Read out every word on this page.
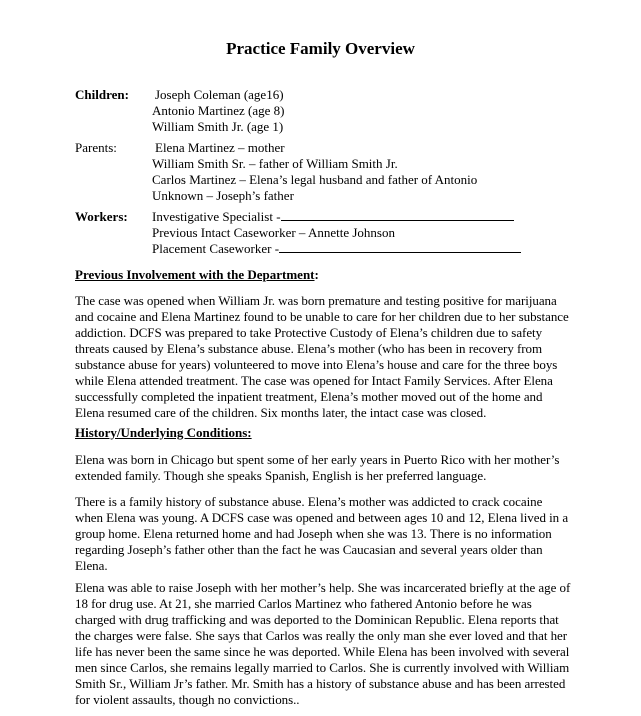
Practice Family Overview
Children: Joseph Coleman (age16)
Antonio Martinez (age 8)
William Smith Jr. (age 1)
Parents:	Elena Martinez – mother
William Smith Sr. – father of William Smith Jr.
Carlos Martinez – Elena’s legal husband and father of Antonio
Unknown – Joseph’s father
Workers: Investigative Specialist -
Previous Intact Caseworker – Annette Johnson
Placement Caseworker -
Previous Involvement with the Department:

The case was opened when William Jr. was born premature and testing positive for marijuana and cocaine and Elena Martinez found to be unable to care for her children due to her substance addiction. DCFS was prepared to take Protective Custody of Elena’s children due to safety threats caused by Elena’s substance abuse. Elena’s mother (who has been in recovery from substance abuse for years) volunteered to move into Elena’s house and care for the three boys while Elena attended treatment. The case was opened for Intact Family Services. After Elena successfully completed the inpatient treatment, Elena’s mother moved out of the home and Elena resumed care of the children. Six months later, the intact case was closed.

History/Underlying Conditions:

Elena was born in Chicago but spent some of her early years in Puerto Rico with her mother’s extended family. Though she speaks Spanish, English is her preferred language.

There is a family history of substance abuse. Elena’s mother was addicted to crack cocaine when Elena was young. A DCFS case was opened and between ages 10 and 12, Elena lived in a group home. Elena returned home and had Joseph when she was 13. There is no information regarding Joseph’s father other than the fact he was Caucasian and several years older than Elena.

Elena was able to raise Joseph with her mother’s help. She was incarcerated briefly at the age of 18 for drug use. At 21, she married Carlos Martinez who fathered Antonio before he was charged with drug trafficking and was deported to the Dominican Republic. Elena reports that the charges were false. She says that Carlos was really the only man she ever loved and that her life has never been the same since he was deported. While Elena has been involved with several men since Carlos, she remains legally married to Carlos. She is currently involved with William Smith Sr., William Jr’s father. Mr. Smith has a history of substance abuse and has been arrested for violent assaults, though no convictions..
